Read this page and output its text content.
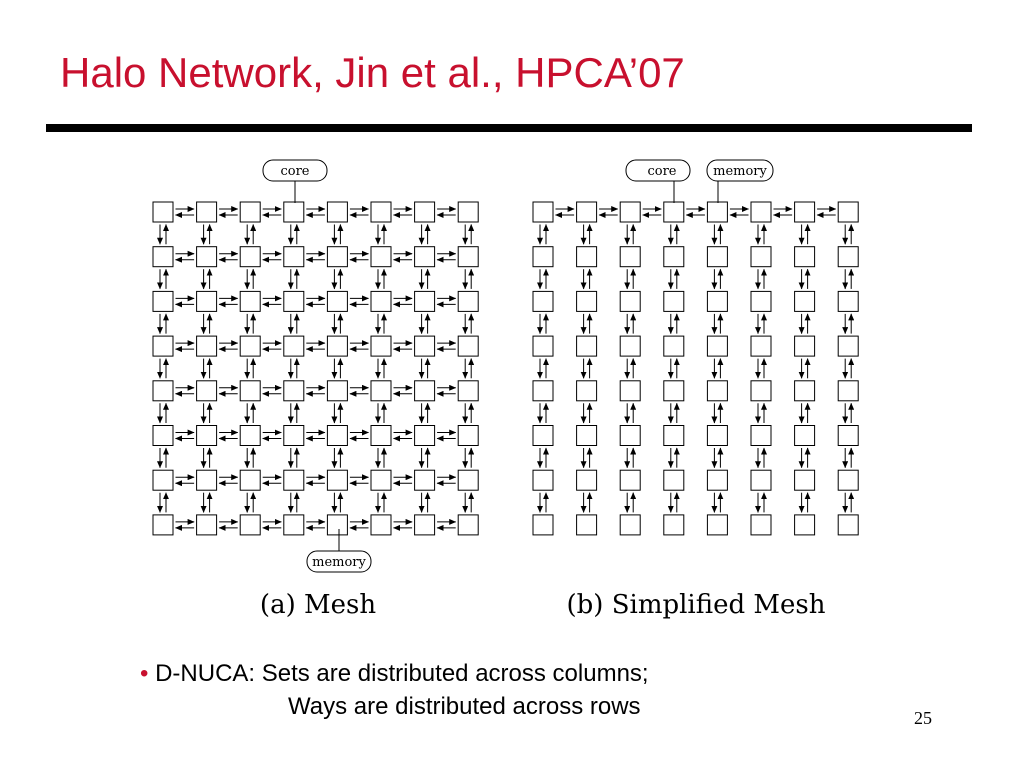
Halo Network, Jin et al., HPCA’07
core
memory
(a) Mesh
core	memory
(b) Simplified Mesh

• D-NUCA: Sets are distributed across columns;
Ways are distributed across rows	25
